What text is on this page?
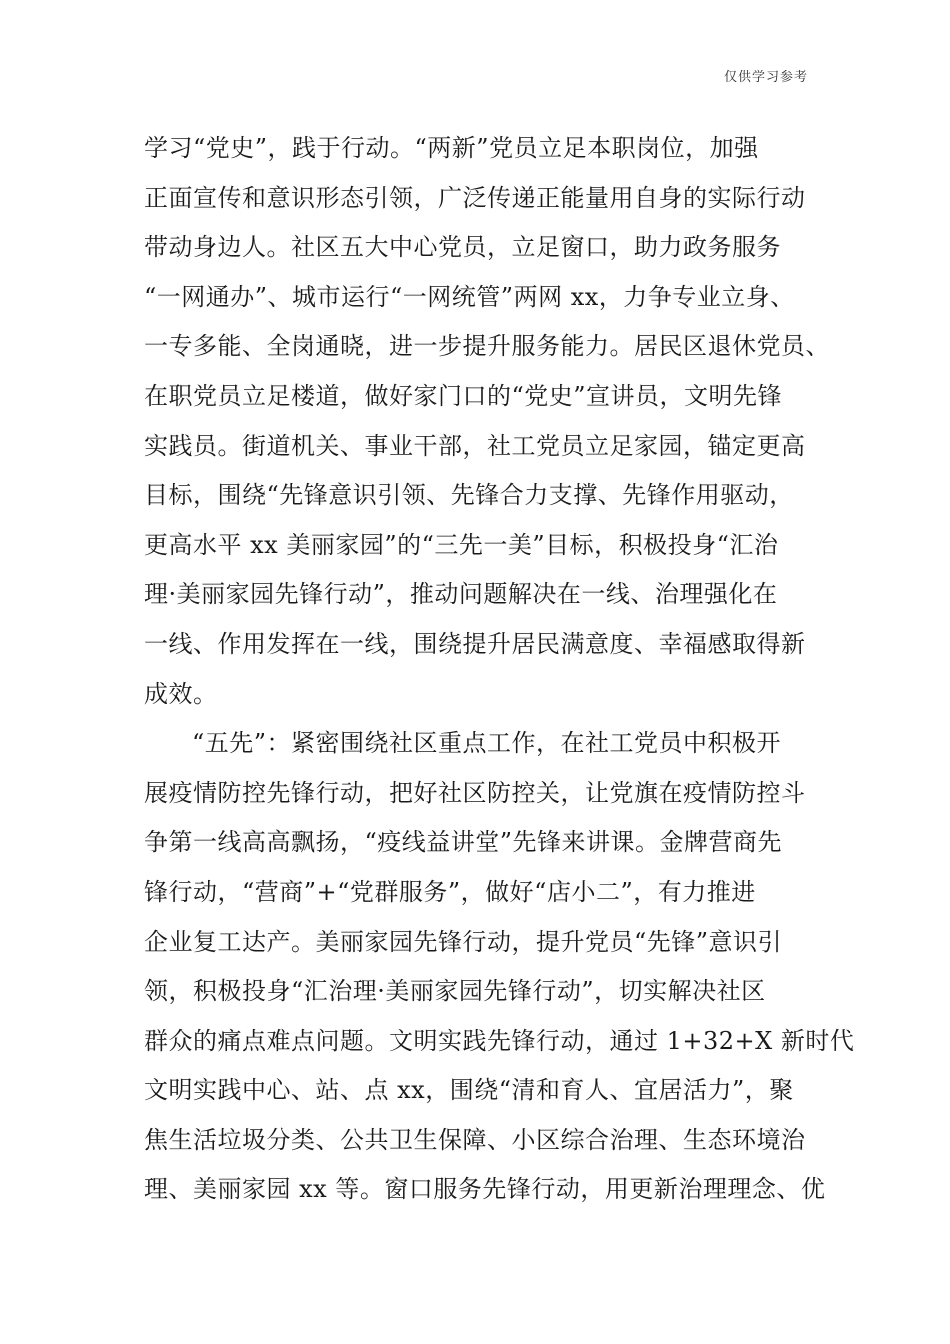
仅供学习参考
学习“党史”，践于行动。“两新”党员立足本职岗位，加强
正面宣传和意识形态引领，广泛传递正能量用自身的实际行动
带动身边人。社区五大中心党员，立足窗口，助力政务服务
“一网通办”、城市运行“一网统管”两网 xx，力争专业立身、
一专多能、全岗通晓，进一步提升服务能力。居民区退休党员、
在职党员立足楼道，做好家门口的“党史”宣讲员，文明先锋
实践员。街道机关、事业干部，社工党员立足家园，锚定更高
目标，围绕“先锋意识引领、先锋合力支撑、先锋作用驱动，
更高水平 xx 美丽家园”的“三先一美”目标，积极投身“汇治
理·美丽家园先锋行动”，推动问题解决在一线、治理强化在
一线、作用发挥在一线，围绕提升居民满意度、幸福感取得新
成效。
“五先”：紧密围绕社区重点工作，在社工党员中积极开
展疫情防控先锋行动，把好社区防控关，让党旗在疫情防控斗
争第一线高高飘扬，“疫线益讲堂”先锋来讲课。金牌营商先
锋行动，“营商”+“党群服务”，做好“店小二”，有力推进
企业复工达产。美丽家园先锋行动，提升党员“先锋”意识引
领，积极投身“汇治理·美丽家园先锋行动”，切实解决社区
群众的痛点难点问题。文明实践先锋行动，通过 1+32+X 新时代
文明实践中心、站、点 xx，围绕“清和育人、宜居活力”，聚
焦生活垃圾分类、公共卫生保障、小区综合治理、生态环境治
理、美丽家园 xx 等。窗口服务先锋行动，用更新治理理念、优
